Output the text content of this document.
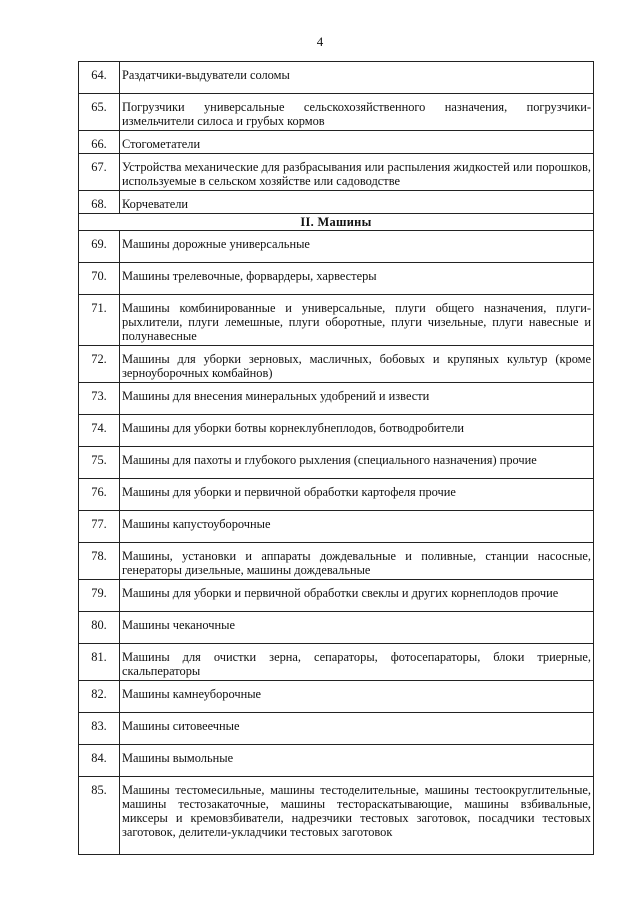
4
64.	Раздатчики-выдуватели соломы
65.	Погрузчики универсальные сельскохозяйственного назначения, погрузчики-измельчители силоса и грубых кормов
66.	Стогометатели
67.	Устройства механические для разбрасывания или распыления жидкостей или порошков, используемые в сельском хозяйстве или садоводстве
68.	Корчеватели
II. Машины	
69.	Машины дорожные универсальные
70.	Машины трелевочные, форвардеры, харвестеры
71.	Машины комбинированные и универсальные, плуги общего назначения, плуги-рыхлители, плуги лемешные, плуги оборотные, плуги чизельные, плуги навесные и полунавесные
72.	Машины для уборки зерновых, масличных, бобовых и крупяных культур (кроме зерноуборочных комбайнов)
73.	Машины для внесения минеральных удобрений и извести
74.	Машины для уборки ботвы корнеклубнеплодов, ботводробители
75.	Машины для пахоты и глубокого рыхления (специального назначения) прочие
76.	Машины для уборки и первичной обработки картофеля прочие
77.	Машины капустоуборочные
78.	Машины, установки и аппараты дождевальные и поливные, станции насосные, генераторы дизельные, машины дождевальные
79.	Машины для уборки и первичной обработки свеклы и других корнеплодов прочие
80.	Машины чеканочные
81.	Машины для очистки зерна, сепараторы, фотосепараторы, блоки триерные, скальператоры
82.	Машины камнеуборочные
83.	Машины ситовеечные
84.	Машины вымольные
85.	Машины тестомесильные, машины тестоделительные, машины тестоокруглительные, машины тестозакаточные, машины тестораскатывающие, машины взбивальные, миксеры и кремовзбиватели, надрезчики тестовых заготовок, посадчики тестовых заготовок, делители-укладчики тестовых заготовок
